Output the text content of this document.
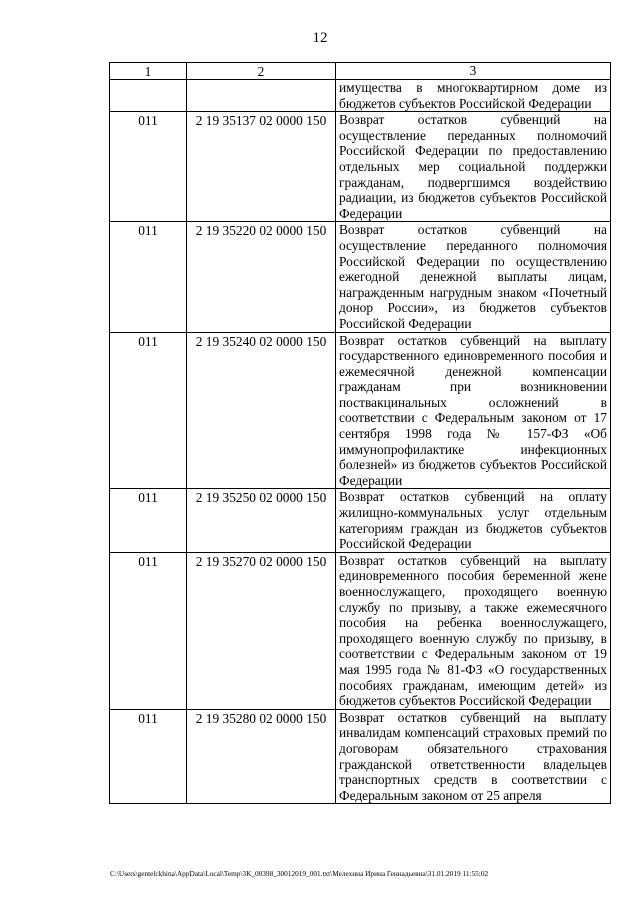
12
1	2	3
		имущества в многоквартирном доме из бюджетов субъектов Российской Федерации
011	2 19 35137 02 0000 150	Возврат остатков субвенций на осуществление переданных полномочий Российской Федерации по предоставлению отдельных мер социальной поддержки гражданам, подвергшимся воздействию радиации, из бюджетов субъектов Российской Федерации
011	2 19 35220 02 0000 150	Возврат остатков субвенций на осуществление переданного полномочия Российской Федерации по осуществлению ежегодной денежной выплаты лицам, награжденным нагрудным знаком «Почетный донор России», из бюджетов субъектов Российской Федерации
011	2 19 35240 02 0000 150	Возврат остатков субвенций на выплату государственного единовременного пособия и ежемесячной денежной компенсации гражданам при возникновении поствакцинальных осложнений в соответствии с Федеральным законом от 17 сентября 1998 года № 157-ФЗ «Об иммунопрофилактике инфекционных болезней» из бюджетов субъектов Российской Федерации
011	2 19 35250 02 0000 150	Возврат остатков субвенций на оплату жилищно-коммунальных услуг отдельным категориям граждан из бюджетов субъектов Российской Федерации
011	2 19 35270 02 0000 150	Возврат остатков субвенций на выплату единовременного пособия беременной жене военнослужащего, проходящего военную службу по призыву, а также ежемесячного пособия на ребенка военнослужащего, проходящего военную службу по призыву, в соответствии с Федеральным законом от 19 мая 1995 года № 81-ФЗ «О государственных пособиях гражданам, имеющим детей» из бюджетов субъектов Российской Федерации
011	2 19 35280 02 0000 150	Возврат остатков субвенций на выплату инвалидам компенсаций страховых премий по договорам обязательного страхования гражданской ответственности владельцев транспортных средств в соответствии с Федеральным законом от 25 апреля
C:\Users\gentelckhina\AppData\Local\Temp\3K_00398_30012019_001.txt\Мелехина Ирина Геннадьевна\31.01.2019 11:55:02
